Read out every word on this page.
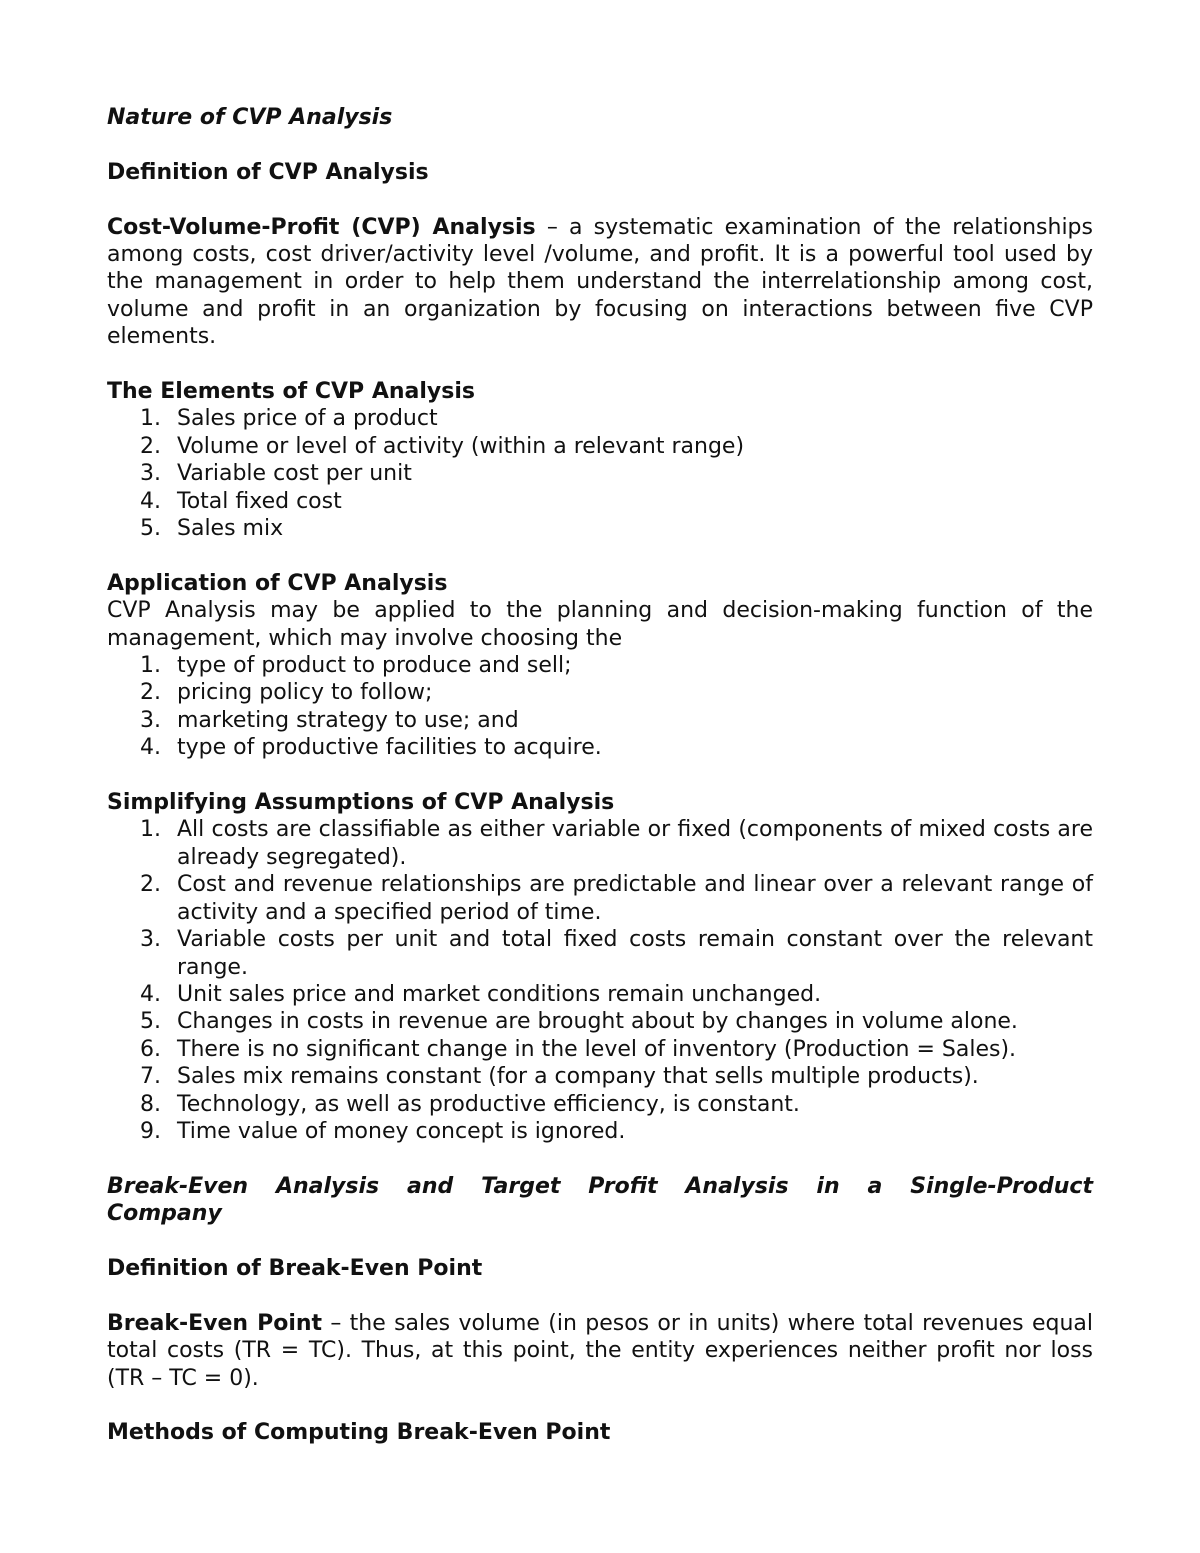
Nature of CVP Analysis

Definition of CVP Analysis

Cost-Volume-Profit (CVP) Analysis – a systematic examination of the relationships among costs, cost driver/activity level /volume, and profit. It is a powerful tool used by the management in order to help them understand the interrelationship among cost, volume and profit in an organization by focusing on interactions between five CVP elements.

The Elements of CVP Analysis

1. Sales price of a product
2. Volume or level of activity (within a relevant range)
3. Variable cost per unit
4. Total fixed cost
5. Sales mix

Application of CVP Analysis

CVP Analysis may be applied to the planning and decision-making function of the management, which may involve choosing the

1. type of product to produce and sell;
2. pricing policy to follow;
3. marketing strategy to use; and
4. type of productive facilities to acquire.

Simplifying Assumptions of CVP Analysis

1. All costs are classifiable as either variable or fixed (components of mixed costs are already segregated).
2. Cost and revenue relationships are predictable and linear over a relevant range of activity and a specified period of time.
3. Variable costs per unit and total fixed costs remain constant over the relevant range.
4. Unit sales price and market conditions remain unchanged.
5. Changes in costs in revenue are brought about by changes in volume alone.
6. There is no significant change in the level of inventory (Production = Sales).
7. Sales mix remains constant (for a company that sells multiple products).
8. Technology, as well as productive efficiency, is constant.
9. Time value of money concept is ignored.

Break-Even Analysis and Target Profit Analysis in a Single-Product

Company

Definition of Break-Even Point

Break-Even Point – the sales volume (in pesos or in units) where total revenues equal total costs (TR = TC). Thus, at this point, the entity experiences neither profit nor loss (TR – TC = 0).

Methods of Computing Break-Even Point
